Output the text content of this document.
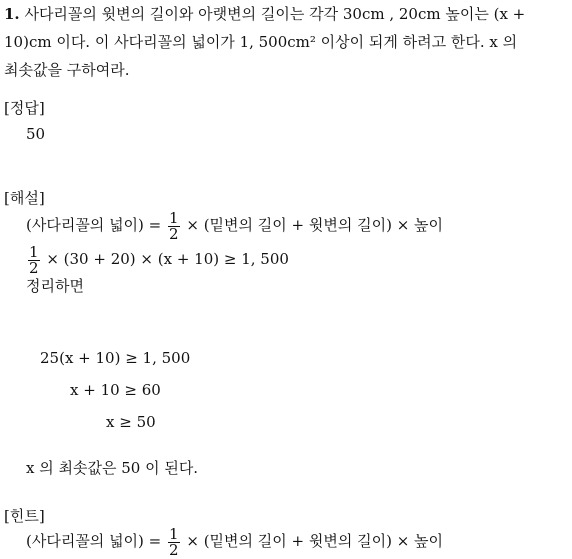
1. 사다리꼴의 윗변의 길이와 아랫변의 길이는 각각 30cm , 20cm 높이는 (x +
10)cm 이다. 이 사다리꼴의 넓이가 1, 500cm² 이상이 되게 하려고 한다. x 의
최솟값을 구하여라.
[정답]
50
[해설]
(사다리꼴의 넓이) = $\frac{1}{2}$ × (밑변의 길이 + 윗변의 길이) × 높이
$\frac{1}{2} \times (30 + 20) \times (x + 10) \ge 1$, 500
정리하면
25(x + 10) ≥ 1, 500
x + 10 ≥ 60
x ≥ 50
x 의 최솟값은 50 이 된다.
[힌트]
(사다리꼴의 넓이) = $\frac{1}{2}$ × (밑변의 길이 + 윗변의 길이) × 높이
